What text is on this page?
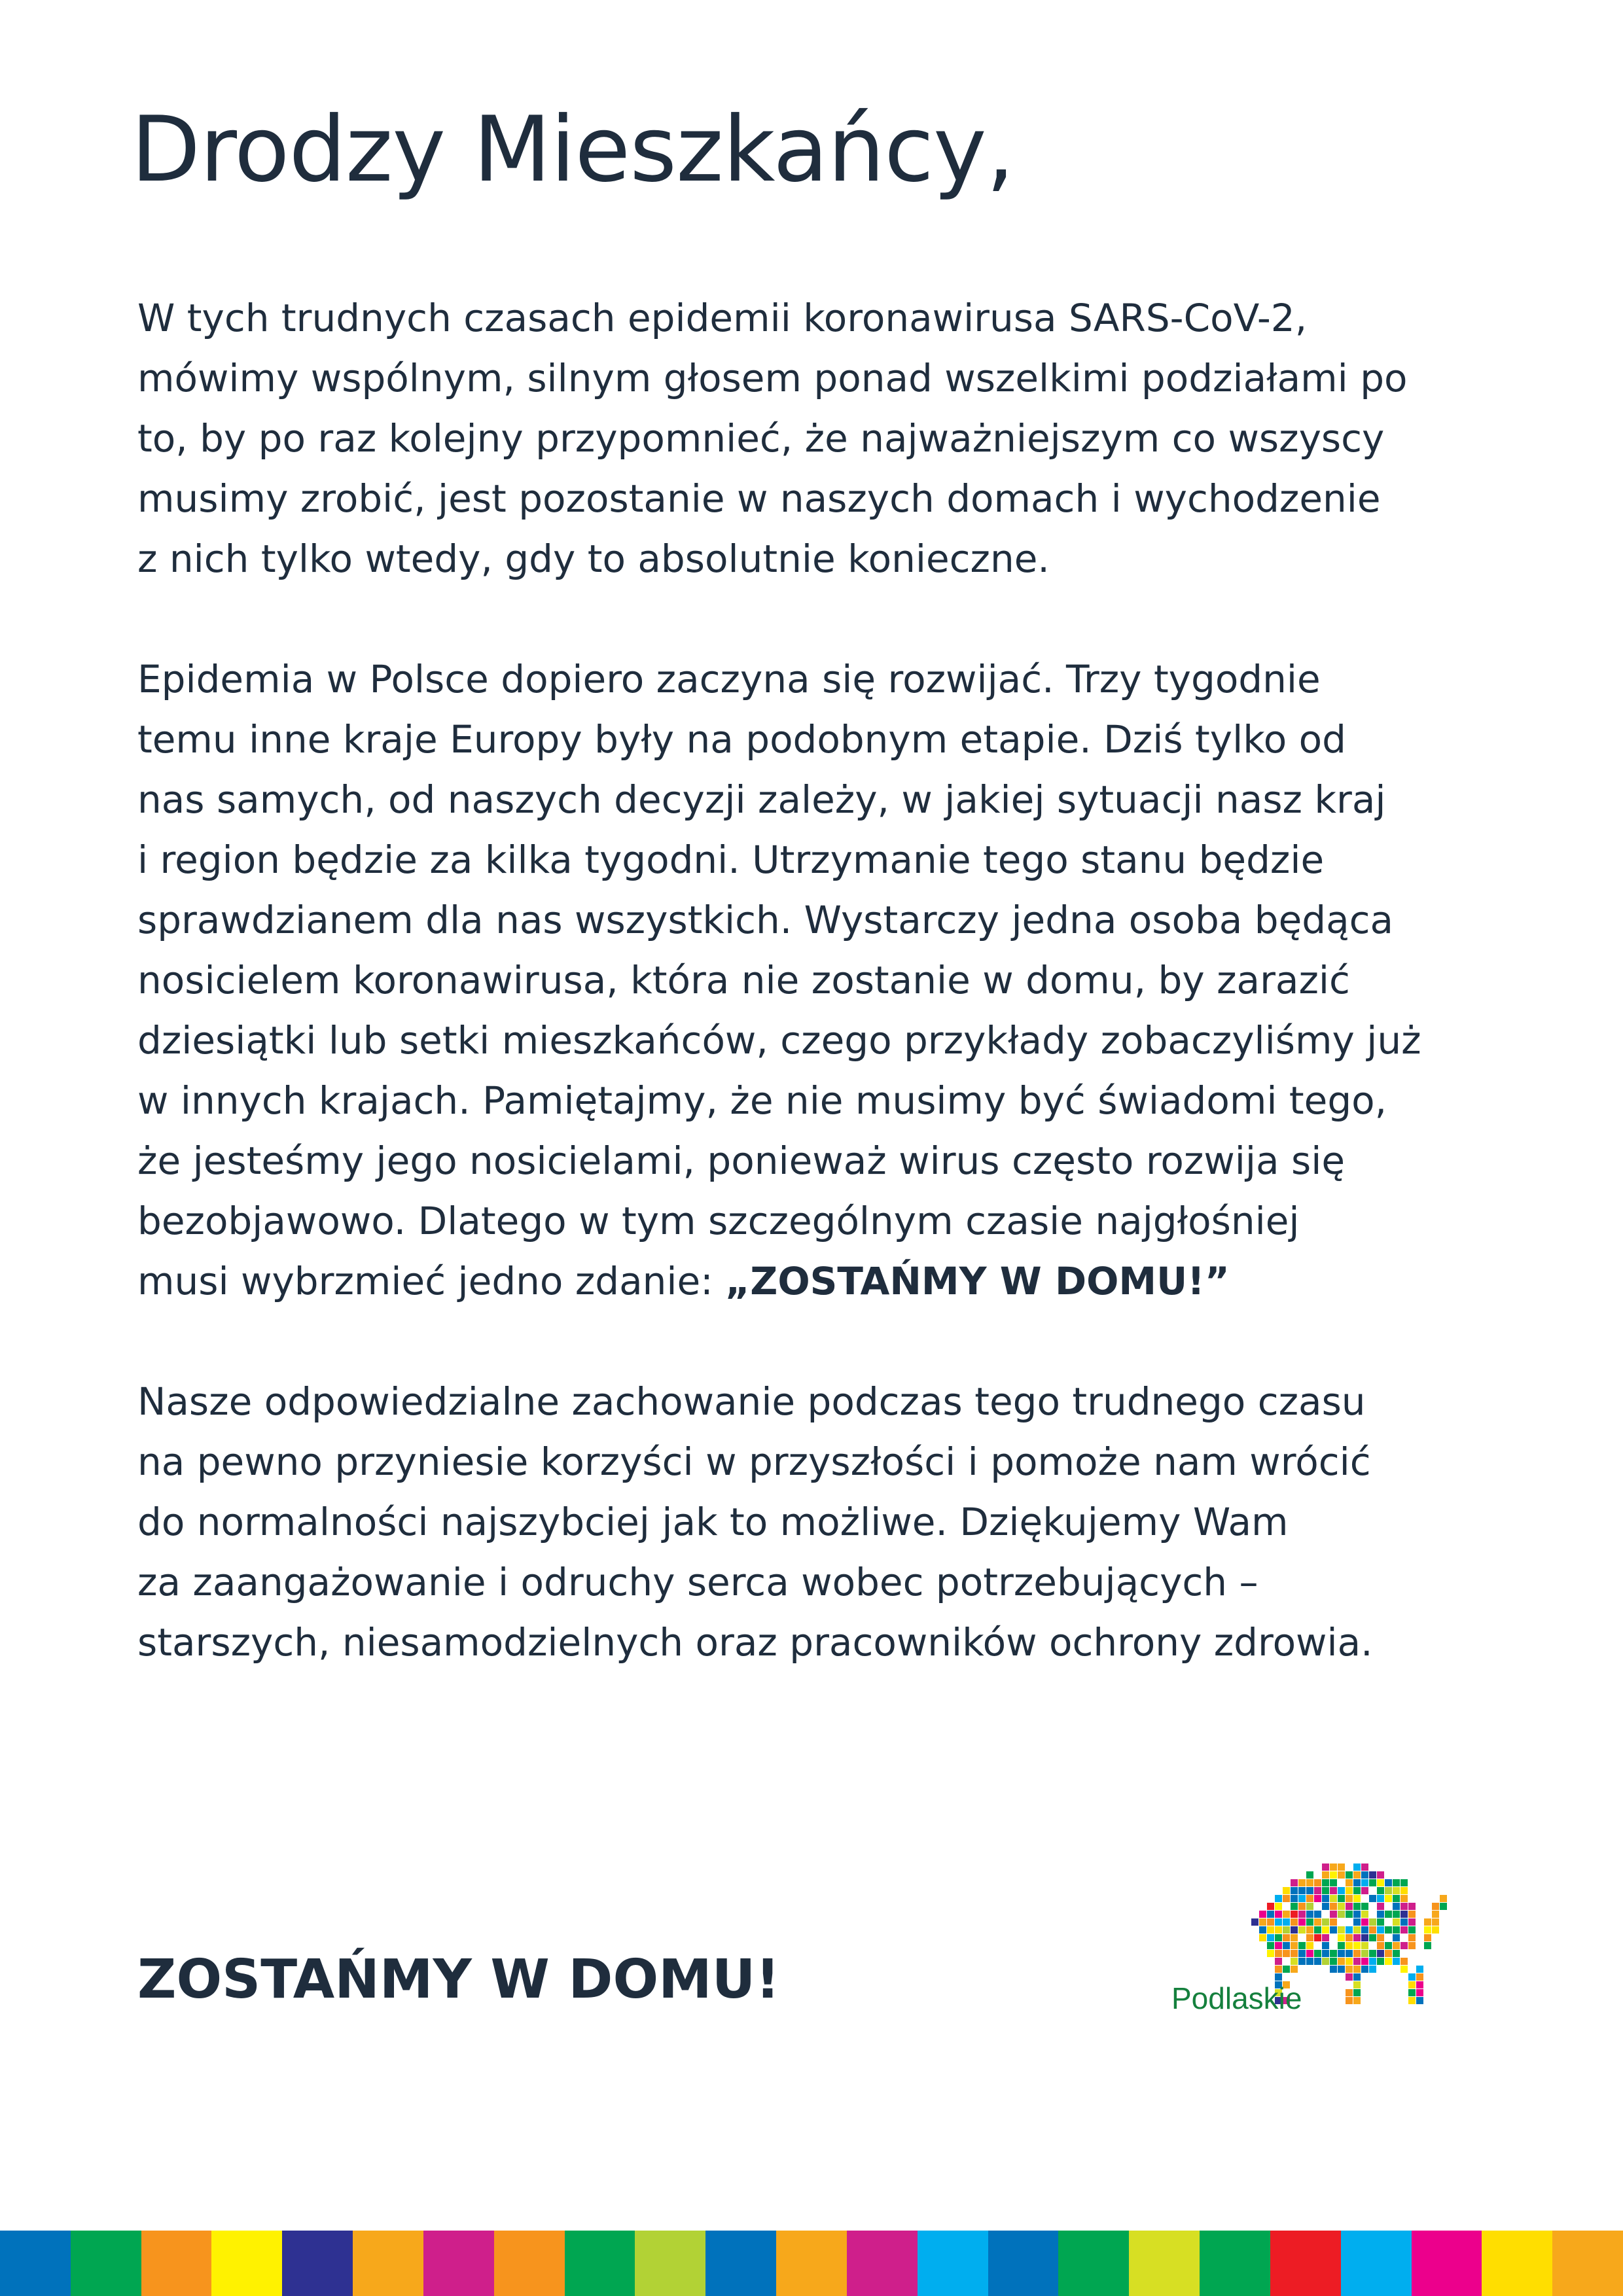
Drodzy Mieszkańcy,

W tych trudnych czasach epidemii koronawirusa SARS-CoV-2,
mówimy wspólnym, silnym głosem ponad wszelkimi podziałami po
to, by po raz kolejny przypomnieć, że najważniejszym co wszyscy
musimy zrobić, jest pozostanie w naszych domach i wychodzenie
z nich tylko wtedy, gdy to absolutnie konieczne.

Epidemia w Polsce dopiero zaczyna się rozwijać. Trzy tygodnie
temu inne kraje Europy były na podobnym etapie. Dziś tylko od
nas samych, od naszych decyzji zależy, w jakiej sytuacji nasz kraj
i region będzie za kilka tygodni. Utrzymanie tego stanu będzie
sprawdzianem dla nas wszystkich. Wystarczy jedna osoba będąca
nosicielem koronawirusa, która nie zostanie w domu, by zarazić
dziesiątki lub setki mieszkańców, czego przykłady zobaczyliśmy już
w innych krajach. Pamiętajmy, że nie musimy być świadomi tego,
że jesteśmy jego nosicielami, ponieważ wirus często rozwija się
bezobjawowo. Dlatego w tym szczególnym czasie najgłośniej
musi wybrzmieć jedno zdanie: „ZOSTAŃMY W DOMU!”

Nasze odpowiedzialne zachowanie podczas tego trudnego czasu
na pewno przyniesie korzyści w przyszłości i pomoże nam wrócić
do normalności najszybciej jak to możliwe. Dziękujemy Wam
za zaangażowanie i odruchy serca wobec potrzebujących –
starszych, niesamodzielnych oraz pracowników ochrony zdrowia.

ZOSTAŃMY W DOMU!	Podlaskie
